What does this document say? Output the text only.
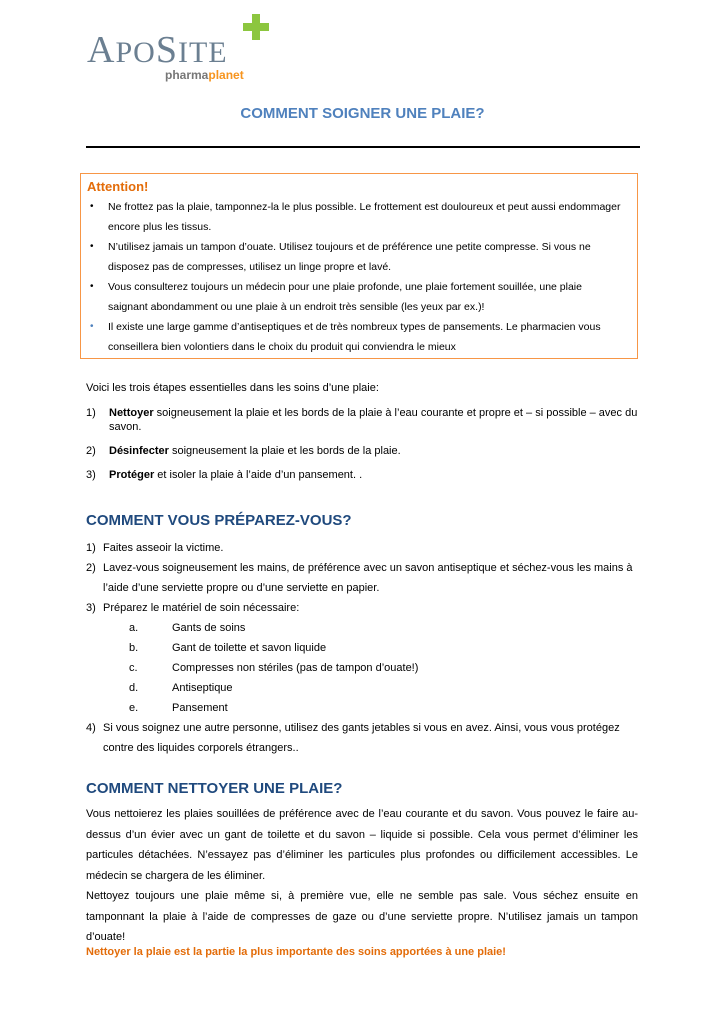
APOSITE
pharmaplanet
COMMENT SOIGNER UNE PLAIE?
Attention!
• Ne frottez pas la plaie, tamponnez-la le plus possible. Le frottement est douloureux et peut aussi endommager encore plus les tissus.
• N’utilisez jamais un tampon d’ouate. Utilisez toujours et de préférence une petite compresse. Si vous ne disposez pas de compresses, utilisez un linge propre et lavé.
• Vous consulterez toujours un médecin pour une plaie profonde, une plaie fortement souillée, une plaie saignant abondamment ou une plaie à un endroit très sensible (les yeux par ex.)!
• Il existe une large gamme d’antiseptiques et de très nombreux types de pansements. Le pharmacien vous conseillera bien volontiers dans le choix du produit qui conviendra le mieux

Voici les trois étapes essentielles dans les soins d’une plaie:

1) Nettoyer soigneusement la plaie et les bords de la plaie à l’eau courante et propre et – si possible – avec du savon.
2) Désinfecter soigneusement la plaie et les bords de la plaie.
3) Protéger et isoler la plaie à l’aide d’un pansement. .
COMMENT VOUS PRÉPAREZ-VOUS?
1) Faites asseoir la victime.
2) Lavez-vous soigneusement les mains, de préférence avec un savon antiseptique et séchez-vous les mains à l’aide d’une serviette propre ou d’une serviette en papier.
3) Préparez le matériel de soin nécessaire:
a.	Gants de soins
b.	Gant de toilette et savon liquide
c.	Compresses non stériles (pas de tampon d’ouate!)
d.	Antiseptique
e.	Pansement
4) Si vous soignez une autre personne, utilisez des gants jetables si vous en avez. Ainsi, vous vous protégez contre des liquides corporels étrangers..
COMMENT NETTOYER UNE PLAIE?

Vous nettoierez les plaies souillées de préférence avec de l’eau courante et du savon. Vous pouvez le faire au-dessus d’un évier avec un gant de toilette et du savon – liquide si possible. Cela vous permet d’éliminer les particules détachées. N’essayez pas d’éliminer les particules plus profondes ou difficilement accessibles. Le médecin se chargera de les éliminer.

Nettoyez toujours une plaie même si, à première vue, elle ne semble pas sale. Vous séchez ensuite en tamponnant la plaie à l’aide de compresses de gaze ou d’une serviette propre. N’utilisez jamais un tampon d’ouate!

Nettoyer la plaie est la partie la plus importante des soins apportées à une plaie!
